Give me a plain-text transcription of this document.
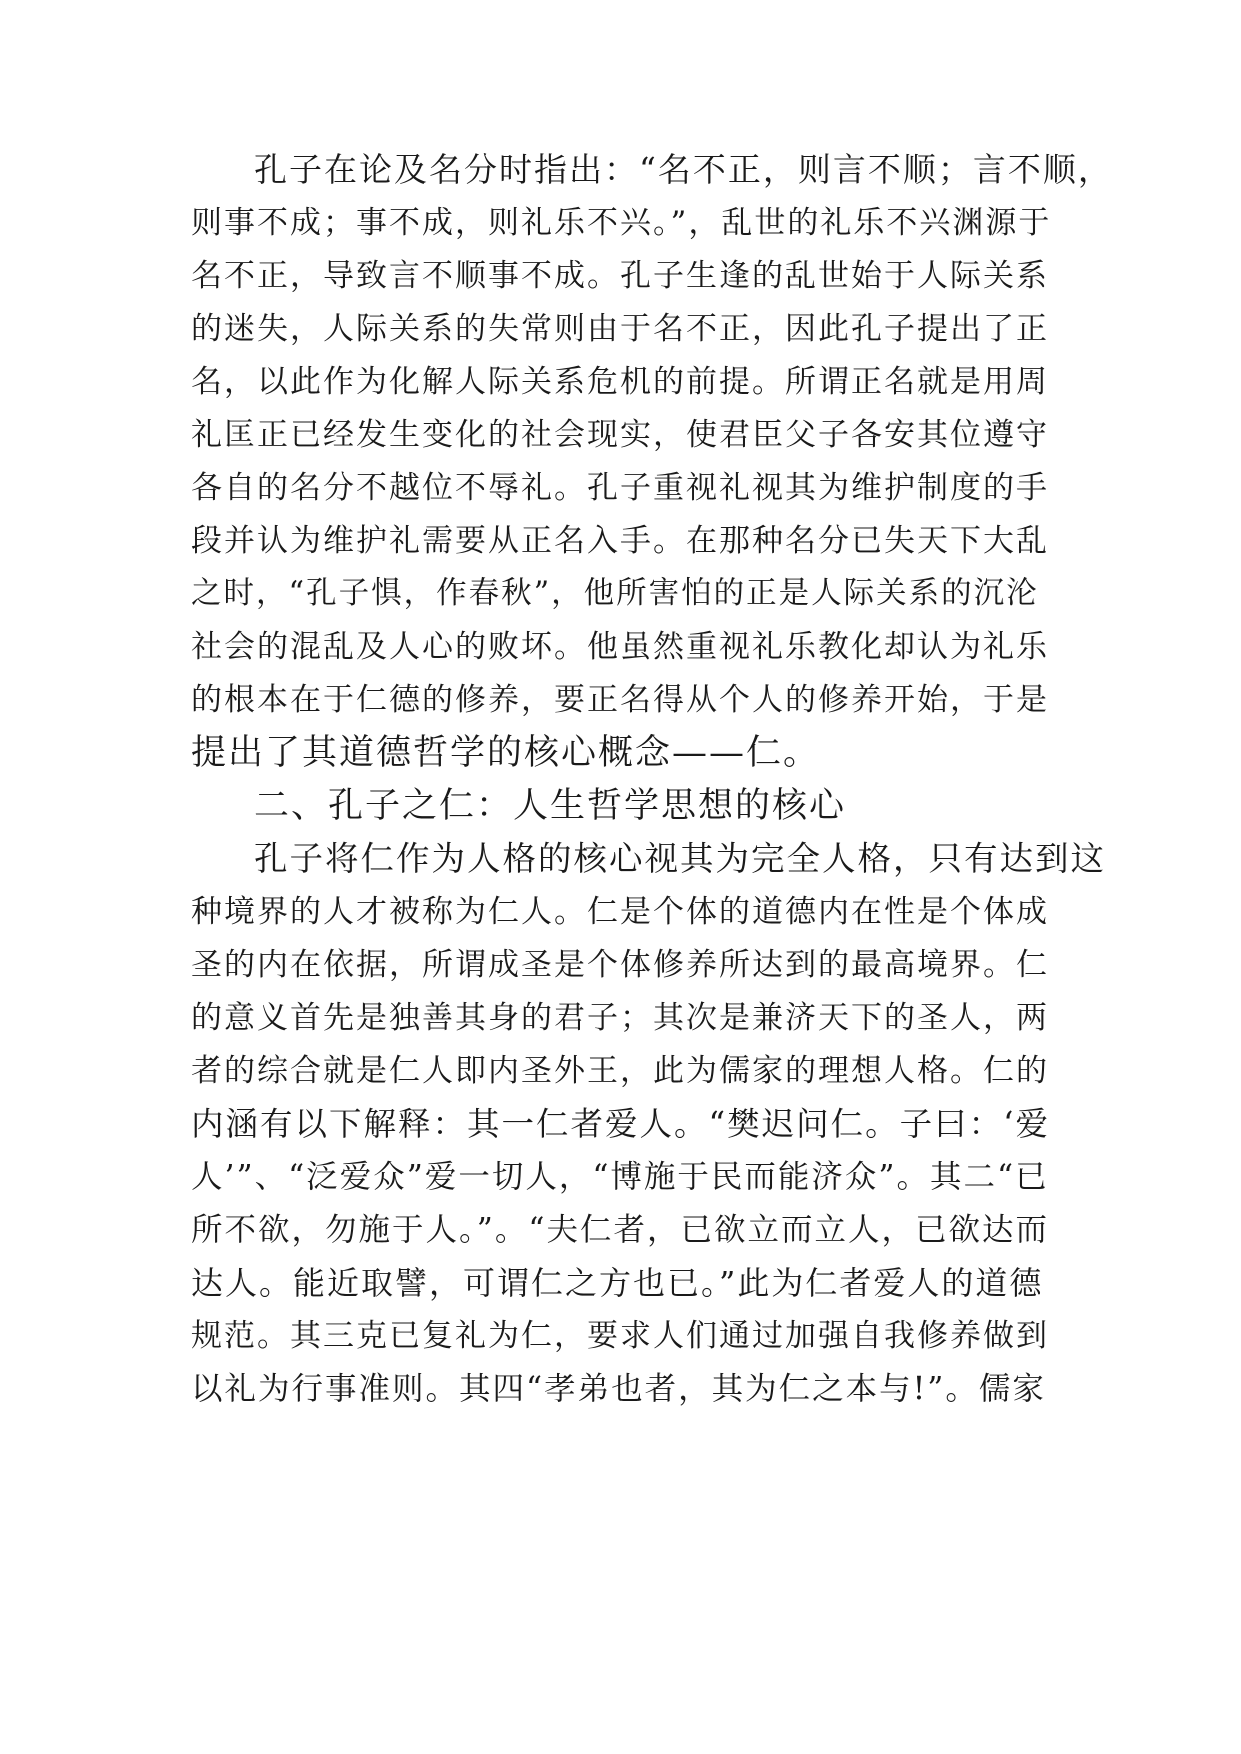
孔子在论及名分时指出：“名不正，则言不顺；言不顺，
则事不成；事不成，则礼乐不兴。”，乱世的礼乐不兴渊源于
名不正，导致言不顺事不成。孔子生逢的乱世始于人际关系
的迷失，人际关系的失常则由于名不正，因此孔子提出了正
名，以此作为化解人际关系危机的前提。所谓正名就是用周
礼匡正已经发生变化的社会现实，使君臣父子各安其位遵守
各自的名分不越位不辱礼。孔子重视礼视其为维护制度的手
段并认为维护礼需要从正名入手。在那种名分已失天下大乱
之时，“孔子惧，作春秋”，他所害怕的正是人际关系的沉沦
社会的混乱及人心的败坏。他虽然重视礼乐教化却认为礼乐
的根本在于仁德的修养，要正名得从个人的修养开始，于是
提出了其道德哲学的核心概念——仁。
二、孔子之仁：人生哲学思想的核心
孔子将仁作为人格的核心视其为完全人格，只有达到这
种境界的人才被称为仁人。仁是个体的道德内在性是个体成
圣的内在依据，所谓成圣是个体修养所达到的最高境界。仁
的意义首先是独善其身的君子；其次是兼济天下的圣人，两
者的综合就是仁人即内圣外王，此为儒家的理想人格。仁的
内涵有以下解释：其一仁者爱人。“樊迟问仁。子曰：‘爱
人’”、“泛爱众”爱一切人，“博施于民而能济众”。其二“已
所不欲，勿施于人。”。“夫仁者，已欲立而立人，已欲达而
达人。能近取譬，可谓仁之方也已。”此为仁者爱人的道德
规范。其三克已复礼为仁，要求人们通过加强自我修养做到
以礼为行事准则。其四“孝弟也者，其为仁之本与!”。儒家
